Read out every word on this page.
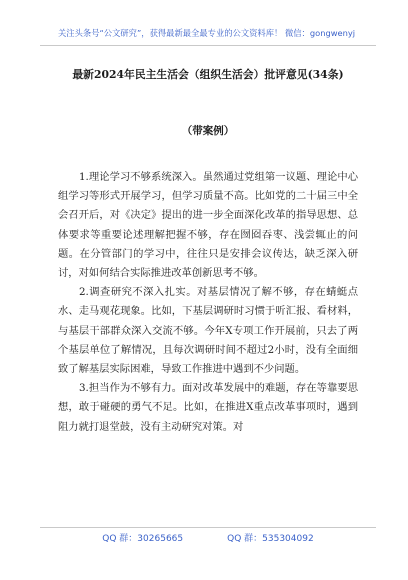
关注头条号“公文研究”，获得最新最全最专业的公文资料库！ 微信：gongwenyj
最新2024年民主生活会（组织生活会）批评意见(34条)
（带案例）

1.理论学习不够系统深入。虽然通过党组第一议题、理论中心组学习等形式开展学习，但学习质量不高。比如党的二十届三中全会召开后，对《决定》提出的进一步全面深化改革的指导思想、总体要求等重要论述理解把握不够，存在囫囵吞枣、浅尝辄止的问题。在分管部门的学习中，往往只是安排会议传达，缺乏深入研讨，对如何结合实际推进改革创新思考不够。

2.调查研究不深入扎实。对基层情况了解不够，存在蜻蜓点水、走马观花现象。比如，下基层调研时习惯于听汇报、看材料，与基层干部群众深入交流不够。今年X专项工作开展前，只去了两个基层单位了解情况，且每次调研时间不超过2小时，没有全面细致了解基层实际困难，导致工作推进中遇到不少问题。

3.担当作为不够有力。面对改革发展中的难题，存在等靠要思想，敢于碰硬的勇气不足。比如，在推进X重点改革事项时，遇到阻力就打退堂鼓，没有主动研究对策。对

QQ 群：30265665	QQ 群：535304092
